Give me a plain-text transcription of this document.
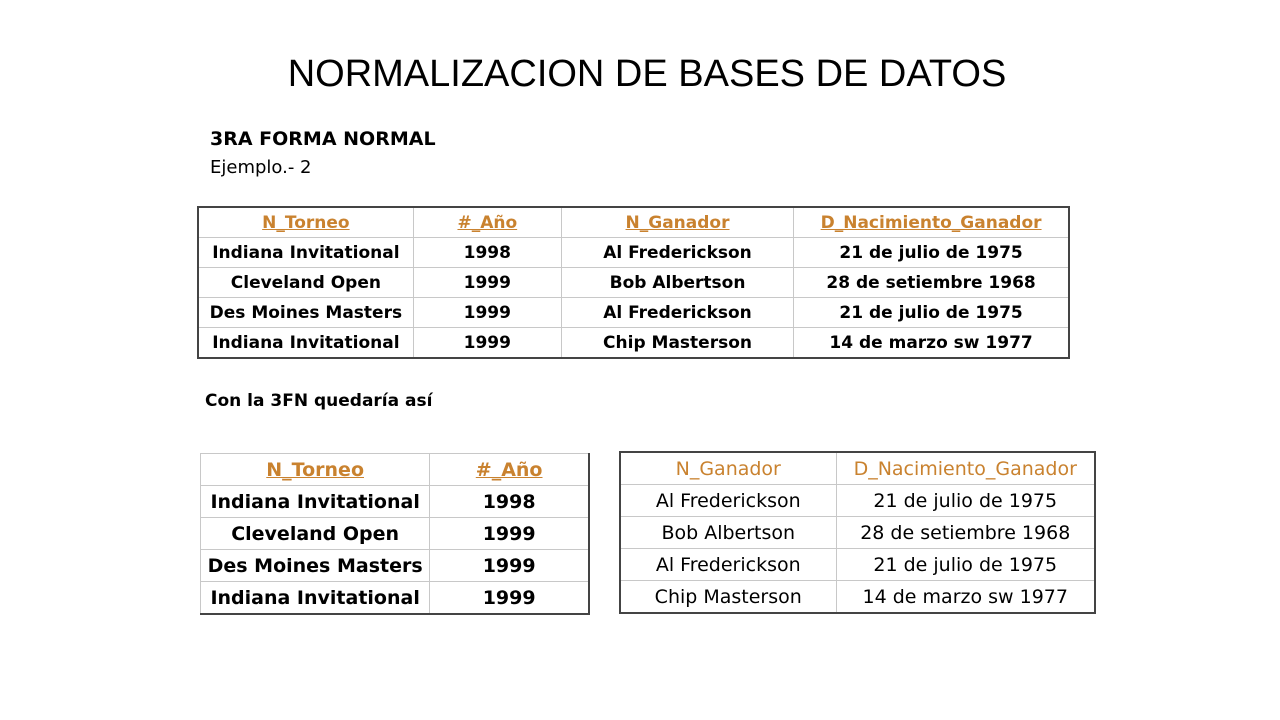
NORMALIZACION DE BASES DE DATOS
3RA FORMA NORMAL
Ejemplo.- 2
N_Torneo	#_Año	N_Ganador	D_Nacimiento_Ganador
Indiana Invitational	1998	Al Frederickson	21 de julio de 1975
Cleveland Open	1999	Bob Albertson	28 de setiembre 1968
Des Moines Masters	1999	Al Frederickson	21 de julio de 1975
Indiana Invitational	1999	Chip Masterson	14 de marzo sw 1977
Con la 3FN quedaría así
N_Torneo	#_Año
Indiana Invitational	1998
Cleveland Open	1999
Des Moines Masters	1999
Indiana Invitational	1999
N_Ganador	D_Nacimiento_Ganador
Al Frederickson	21 de julio de 1975
Bob Albertson	28 de setiembre 1968
Al Frederickson	21 de julio de 1975
Chip Masterson	14 de marzo sw 1977
